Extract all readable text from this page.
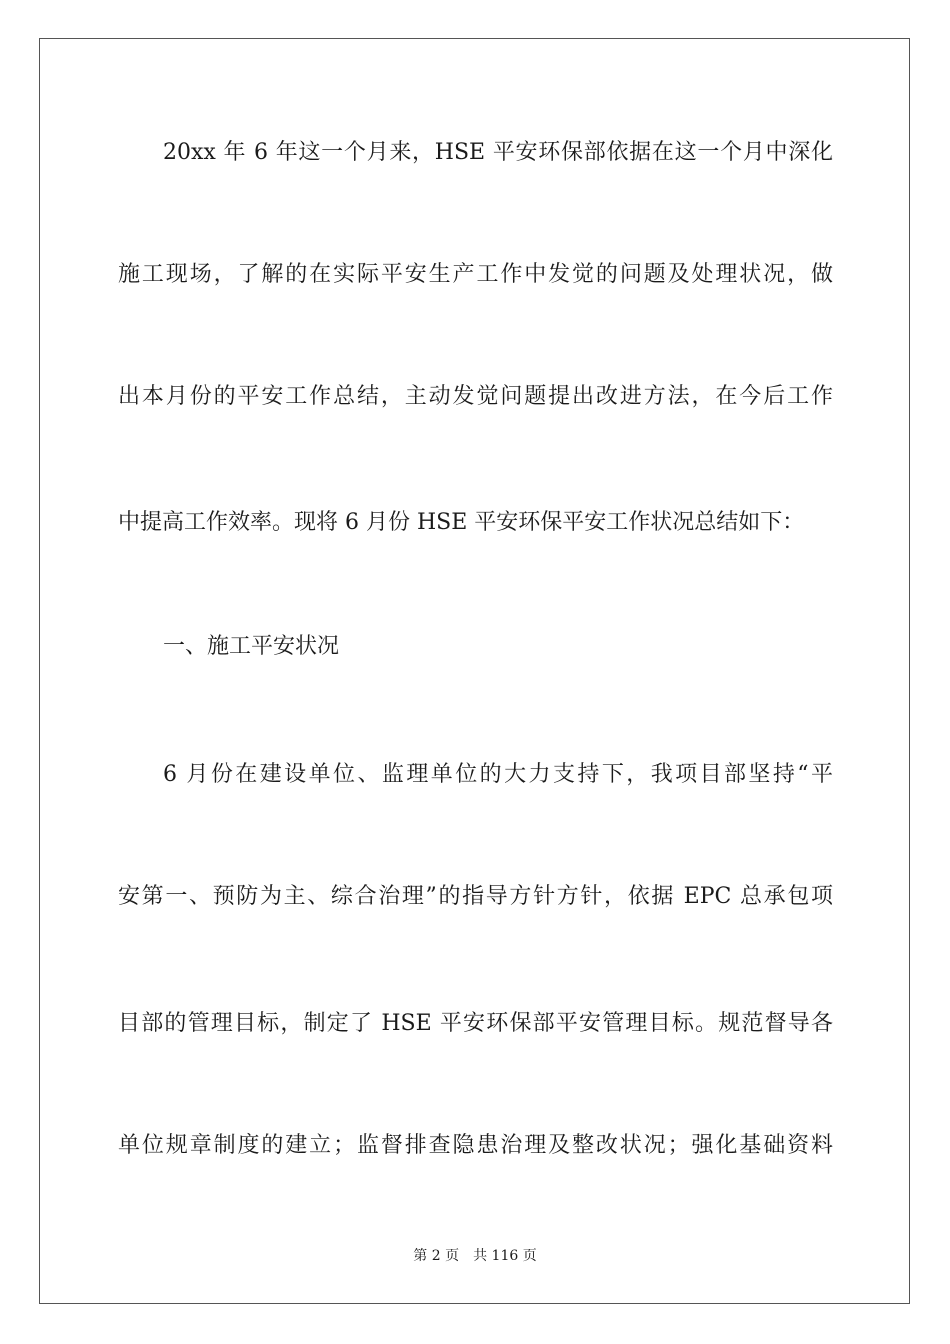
20xx 年 6 年这一个月来，HSE 平安环保部依据在这一个月中深化
施工现场，了解的在实际平安生产工作中发觉的问题及处理状况，做
出本月份的平安工作总结，主动发觉问题提出改进方法，在今后工作
中提高工作效率。现将 6 月份 HSE 平安环保平安工作状况总结如下：
一、施工平安状况
6 月份在建设单位、监理单位的大力支持下，我项目部坚持“平
安第一、预防为主、综合治理”的指导方针方针，依据 EPC 总承包项
目部的管理目标，制定了 HSE 平安环保部平安管理目标。规范督导各
单位规章制度的建立；监督排查隐患治理及整改状况；强化基础资料
第 2 页 共 116 页
